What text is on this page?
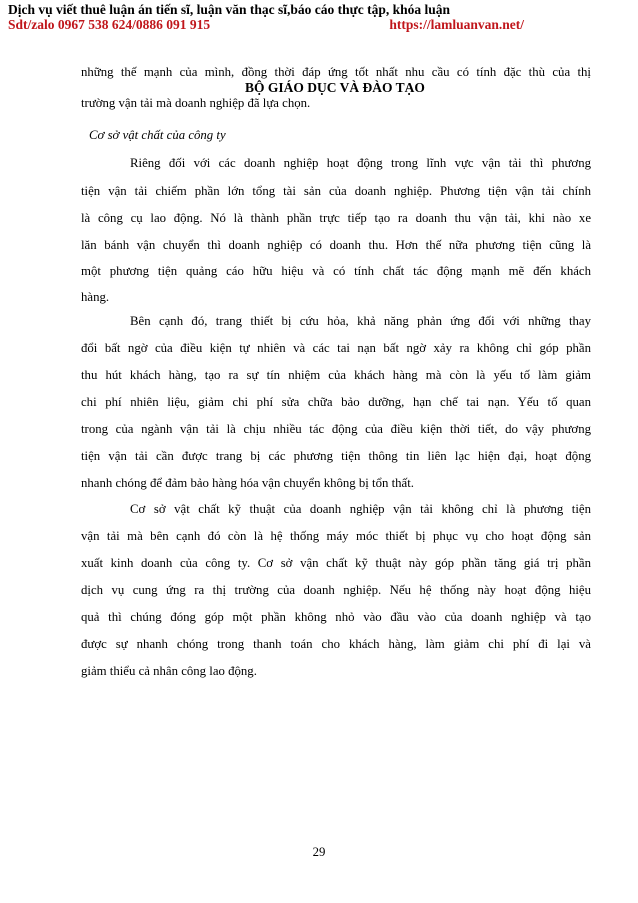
Dịch vụ viết thuê luận án tiến sĩ, luận văn thạc sĩ,báo cáo thực tập, khóa luận
Sdt/zalo 0967 538 624/0886 091 915	https://lamluanvan.net/
BỘ GIÁO DỤC VÀ ĐÀO TẠO
những thế mạnh của mình, đồng thời đáp ứng tốt nhất nhu cầu có tính đặc thù của thị
trường vận tải mà doanh nghiệp đã lựa chọn.
Cơ sở vật chất của công ty
Riêng đối với các doanh nghiệp hoạt động trong lĩnh vực vận tải thì phương
tiện vận tải chiếm phần lớn tổng tài sản của doanh nghiệp. Phương tiện vận tải chính
là công cụ lao động. Nó là thành phần trực tiếp tạo ra doanh thu vận tải, khi nào xe
lăn bánh vận chuyển thì doanh nghiệp có doanh thu. Hơn thế nữa phương tiện cũng là
một phương tiện quảng cáo hữu hiệu và có tính chất tác động mạnh mẽ đến khách
hàng.
Bên cạnh đó, trang thiết bị cứu hỏa, khả năng phản ứng đối với những thay
đổi bất ngờ của điều kiện tự nhiên và các tai nạn bất ngờ xảy ra không chỉ góp phần
thu hút khách hàng, tạo ra sự tín nhiệm của khách hàng mà còn là yếu tố làm giảm
chi phí nhiên liệu, giảm chi phí sửa chữa bảo dưỡng, hạn chế tai nạn. Yếu tố quan
trong của ngành vận tải là chịu nhiều tác động của điều kiện thời tiết, do vậy phương
tiện vận tải cần được trang bị các phương tiện thông tin liên lạc hiện đại, hoạt động
nhanh chóng để đảm bảo hàng hóa vận chuyển không bị tổn thất.
Cơ sở vật chất kỹ thuật của doanh nghiệp vận tải không chỉ là phương tiện
vận tải mà bên cạnh đó còn là hệ thống máy móc thiết bị phục vụ cho hoạt động sản
xuất kinh doanh của công ty. Cơ sở vận chất kỹ thuật này góp phần tăng giá trị phần
dịch vụ cung ứng ra thị trường của doanh nghiệp. Nếu hệ thống này hoạt động hiệu
quả thì chúng đóng góp một phần không nhỏ vào đầu vào của doanh nghiệp và tạo
được sự nhanh chóng trong thanh toán cho khách hàng, làm giảm chi phí đi lại và
giảm thiểu cả nhân công lao động.
29
